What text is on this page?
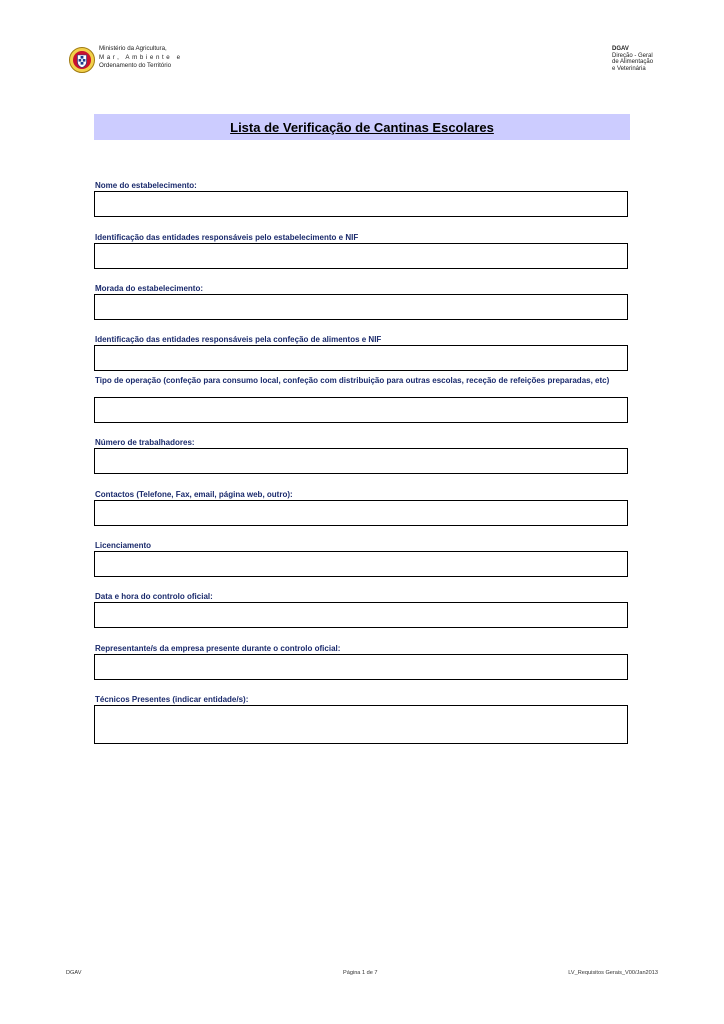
Ministério da Agricultura,
Mar, Ambiente e
Ordenamento do Território
DGAV
Direção - Geral
de Alimentação
e Veterinária
Lista de Verificação de Cantinas Escolares
Nome do estabelecimento:
Identificação das entidades responsáveis pelo estabelecimento e NIF
Morada do estabelecimento:
Identificação das entidades responsáveis pela confeção de alimentos e NIF
Tipo de operação (confeção para consumo local, confeção com distribuição para outras escolas, receção de refeições preparadas, etc)
Número de trabalhadores:
Contactos (Telefone, Fax, email, página web, outro):
Licenciamento
Data e hora do controlo oficial:
Representante/s da empresa presente durante o controlo oficial:
Técnicos Presentes (indicar entidade/s):
DGAV	Página 1 de 7	LV_Requisitos Gerais_V00/Jan2013
